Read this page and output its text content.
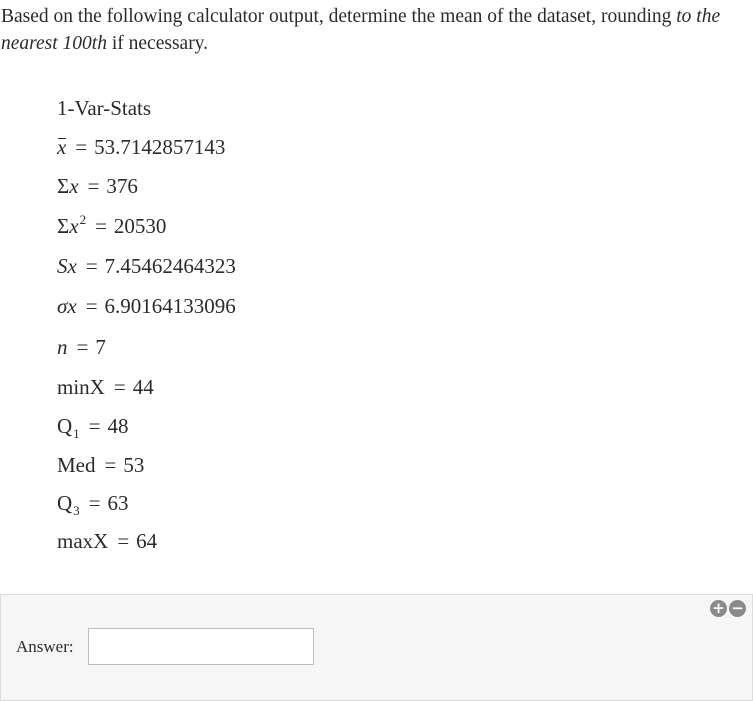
Based on the following calculator output, determine the mean of the dataset, rounding to the nearest 100th if necessary.
1-Var-Stats
x = 53.7142857143
Σx = 376
$\Sigma x^2 = 20530$
Sx = 7.45462464323
σx = 6.90164133096
n = 7
minX = 44
$Q_1 = 48$
Med = 53
$Q_3 = 63$
maxX = 64
+ −
Answer:
